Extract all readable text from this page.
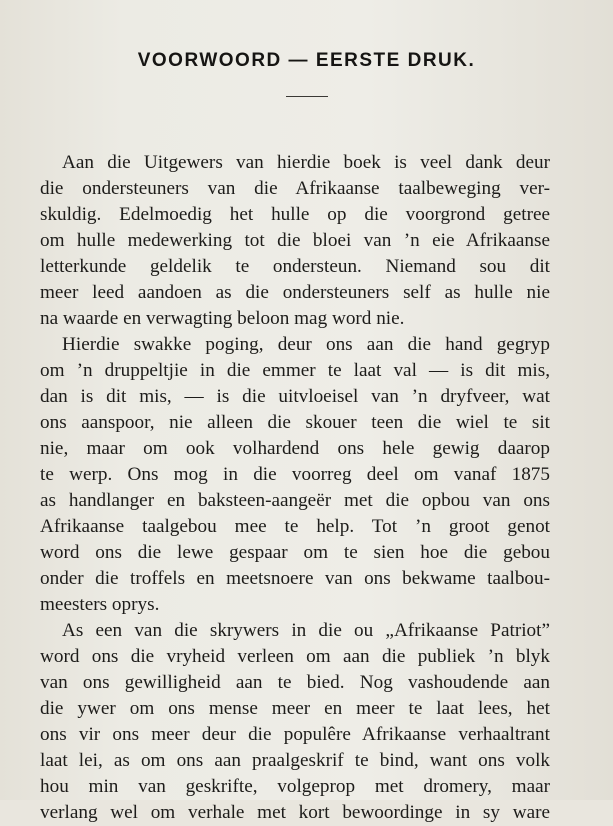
VOORWOORD — EERSTE DRUK.
Aan die Uitgewers van hierdie boek is veel dank deur
die ondersteuners van die Afrikaanse taalbeweging ver-
skuldig. Edelmoedig het hulle op die voorgrond getree
om hulle medewerking tot die bloei van ’n eie Afrikaanse
letterkunde geldelik te ondersteun. Niemand sou dit
meer leed aandoen as die ondersteuners self as hulle nie
na waarde en verwagting beloon mag word nie.
Hierdie swakke poging, deur ons aan die hand gegryp
om ’n druppeltjie in die emmer te laat val — is dit mis,
dan is dit mis, — is die uitvloeisel van ’n dryfveer, wat
ons aanspoor, nie alleen die skouer teen die wiel te sit
nie, maar om ook volhardend ons hele gewig daarop
te werp. Ons mog in die voorreg deel om vanaf 1875
as handlanger en baksteen-aangeër met die opbou van ons
Afrikaanse taalgebou mee te help. Tot ’n groot genot
word ons die lewe gespaar om te sien hoe die gebou
onder die troffels en meetsnoere van ons bekwame taalbou-
meesters oprys.
As een van die skrywers in die ou „Afrikaanse Patriot”
word ons die vryheid verleen om aan die publiek ’n blyk
van ons gewilligheid aan te bied. Nog vashoudende aan
die ywer om ons mense meer en meer te laat lees, het
ons vir ons meer deur die populêre Afrikaanse verhaaltrant
laat lei, as om ons aan praalgeskrif te bind, want ons volk
hou min van geskrifte, volgeprop met dromery, maar
verlang wel om verhale met kort bewoordinge in sy ware
